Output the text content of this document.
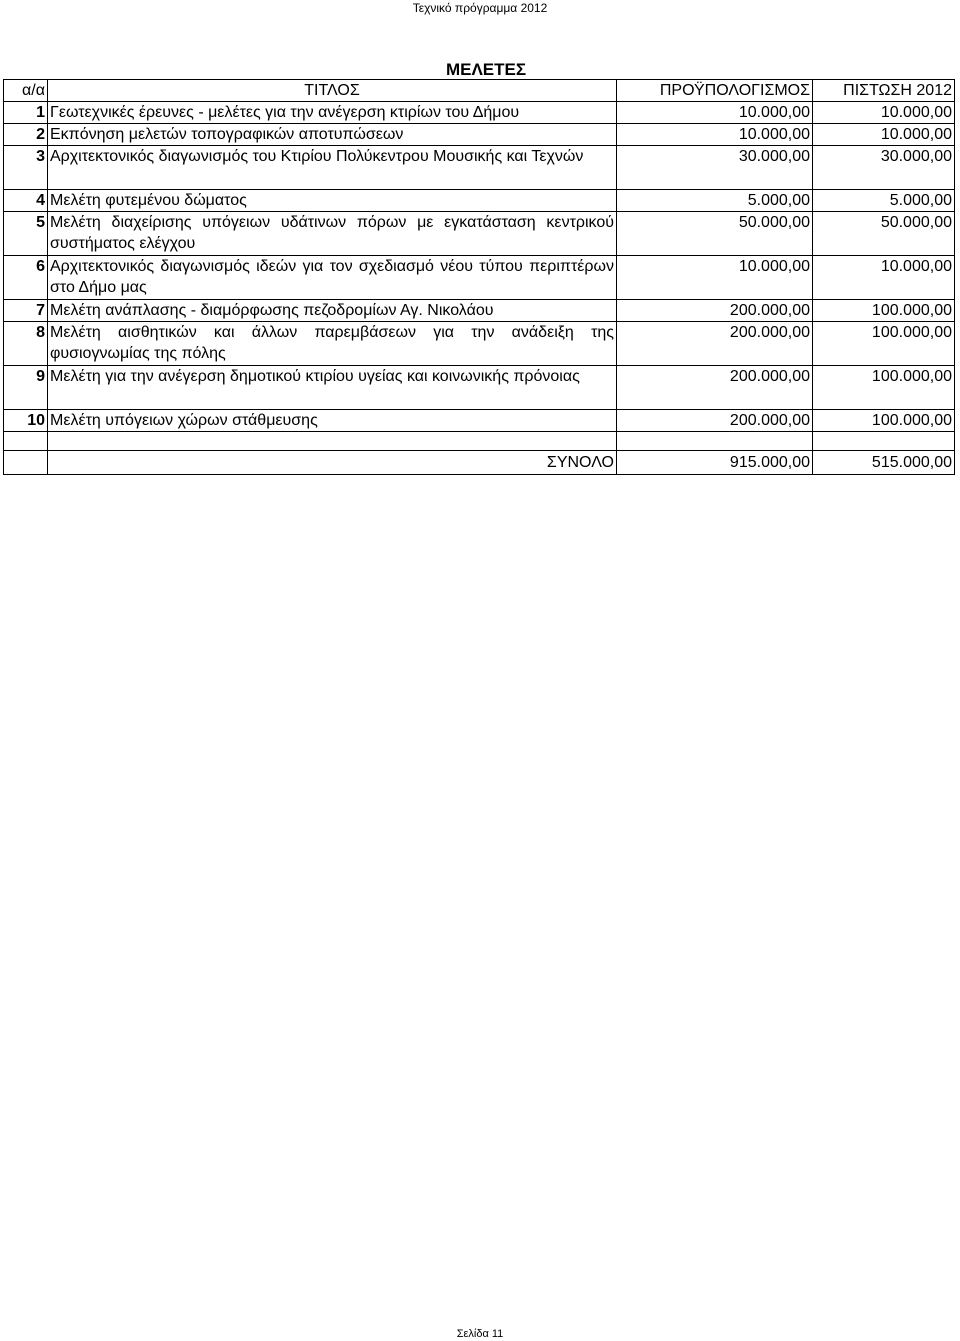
Τεχνικό πρόγραμμα 2012
ΜΕΛΕΤΕΣ
α/α	ΤΙΤΛΟΣ	ΠΡΟΫΠΟΛΟΓΙΣΜΟΣ	ΠΙΣΤΩΣΗ 2012
1	Γεωτεχνικές έρευνες - μελέτες για την ανέγερση κτιρίων του Δήμου	10.000,00	10.000,00
2	Εκπόνηση μελετών τοπογραφικών αποτυπώσεων	10.000,00	10.000,00
3	Αρχιτεκτονικός διαγωνισμός του Κτιρίου Πολύκεντρου Μουσικής και Τεχνών	30.000,00	30.000,00
4	Μελέτη φυτεμένου δώματος	5.000,00	5.000,00
5	Μελέτη διαχείρισης υπόγειων υδάτινων πόρων με εγκατάσταση κεντρικού συστήματος ελέγχου	50.000,00	50.000,00
6	Αρχιτεκτονικός διαγωνισμός ιδεών για τον σχεδιασμό νέου τύπου περιπτέρων στο Δήμο μας	10.000,00	10.000,00
7	Μελέτη ανάπλασης - διαμόρφωσης πεζοδρομίων Αγ. Νικολάου	200.000,00	100.000,00
8	Μελέτη αισθητικών και άλλων παρεμβάσεων για την ανάδειξη της φυσιογνωμίας της πόλης	200.000,00	100.000,00
9	Μελέτη για την ανέγερση δημοτικού κτιρίου υγείας και κοινωνικής πρόνοιας	200.000,00	100.000,00
10	Μελέτη υπόγειων χώρων στάθμευσης	200.000,00	100.000,00

	ΣΥΝΟΛΟ	915.000,00	515.000,00
Σελίδα 11
